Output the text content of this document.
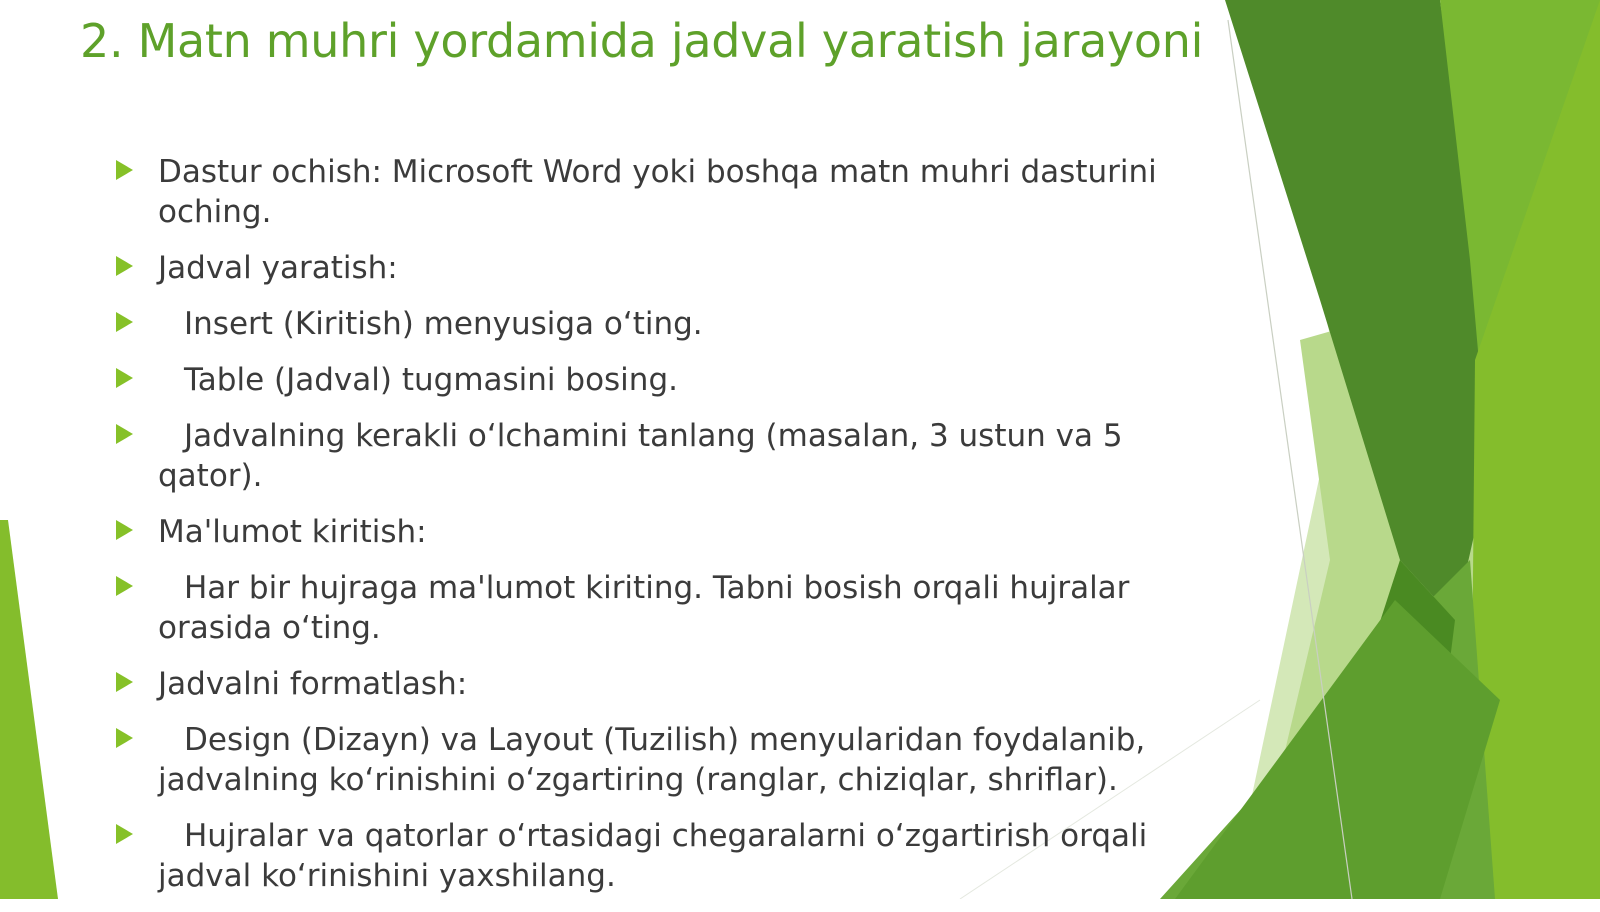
2. Matn muhri yordamida jadval yaratish jarayoni
Dastur ochish: Microsoft Word yoki boshqa matn muhri dasturini oching.
Jadval yaratish:
Insert (Kiritish) menyusiga oʻting.
Table (Jadval) tugmasini bosing.
Jadvalning kerakli oʻlchamini tanlang (masalan, 3 ustun va 5 qator).
Ma'lumot kiritish:
Har bir hujraga ma'lumot kiriting. Tabni bosish orqali hujralar orasida oʻting.
Jadvalni formatlash:
Design (Dizayn) va Layout (Tuzilish) menyularidan foydalanib, jadvalning koʻrinishini oʻzgartiring (ranglar, chiziqlar, shriflar).
Hujralar va qatorlar oʻrtasidagi chegaralarni oʻzgartirish orqali jadval koʻrinishini yaxshilang.
